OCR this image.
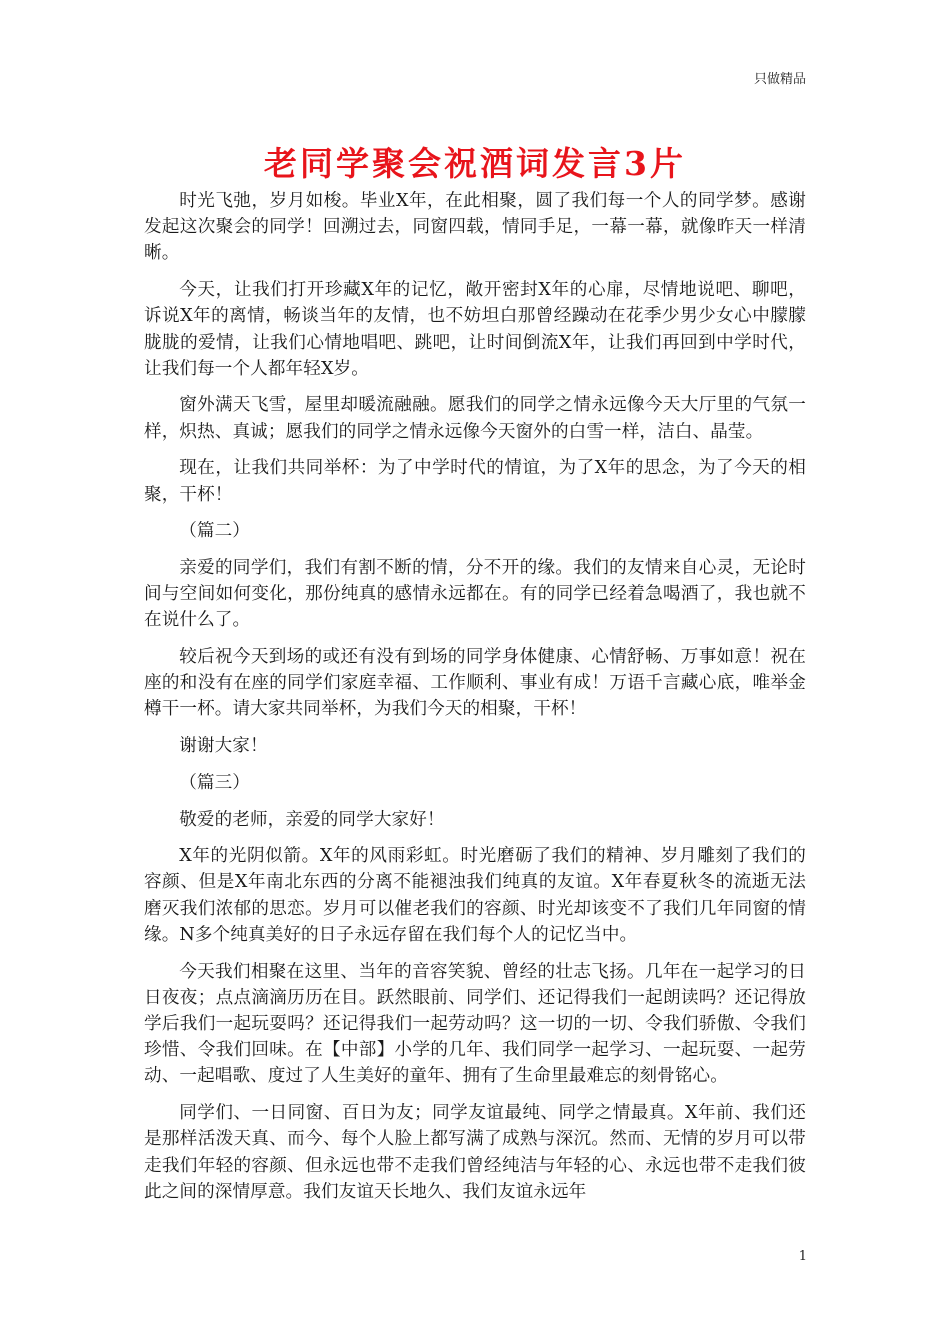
只做精品
老同学聚会祝酒词发言3片

时光飞弛，岁月如梭。毕业X年，在此相聚，圆了我们每一个人的同学梦。感谢发起这次聚会的同学！回溯过去，同窗四载，情同手足，一幕一幕，就像昨天一样清晰。

今天，让我们打开珍藏X年的记忆，敞开密封X年的心扉，尽情地说吧、聊吧，诉说X年的离情，畅谈当年的友情，也不妨坦白那曾经躁动在花季少男少女心中朦朦胧胧的爱情，让我们心情地唱吧、跳吧，让时间倒流X年，让我们再回到中学时代，让我们每一个人都年轻X岁。

窗外满天飞雪，屋里却暖流融融。愿我们的同学之情永远像今天大厅里的气氛一样，炽热、真诚；愿我们的同学之情永远像今天窗外的白雪一样，洁白、晶莹。

现在，让我们共同举杯：为了中学时代的情谊，为了X年的思念，为了今天的相聚，干杯！

（篇二）

亲爱的同学们，我们有割不断的情，分不开的缘。我们的友情来自心灵，无论时间与空间如何变化，那份纯真的感情永远都在。有的同学已经着急喝酒了，我也就不在说什么了。

较后祝今天到场的或还有没有到场的同学身体健康、心情舒畅、万事如意！祝在座的和没有在座的同学们家庭幸福、工作顺利、事业有成！万语千言藏心底，唯举金樽干一杯。请大家共同举杯，为我们今天的相聚，干杯！

谢谢大家！

（篇三）

敬爱的老师，亲爱的同学大家好！

X年的光阴似箭。X年的风雨彩虹。时光磨砺了我们的精神、岁月雕刻了我们的容颜、但是X年南北东西的分离不能褪浊我们纯真的友谊。X年春夏秋冬的流逝无法磨灭我们浓郁的思恋。岁月可以催老我们的容颜、时光却该变不了我们几年同窗的情缘。N多个纯真美好的日子永远存留在我们每个人的记忆当中。

今天我们相聚在这里、当年的音容笑貌、曾经的壮志飞扬。几年在一起学习的日日夜夜；点点滴滴历历在目。跃然眼前、同学们、还记得我们一起朗读吗？还记得放学后我们一起玩耍吗？还记得我们一起劳动吗？这一切的一切、令我们骄傲、令我们珍惜、令我们回味。在【中部】小学的几年、我们同学一起学习、一起玩耍、一起劳动、一起唱歌、度过了人生美好的童年、拥有了生命里最难忘的刻骨铭心。

同学们、一日同窗、百日为友；同学友谊最纯、同学之情最真。X年前、我们还是那样活泼天真、而今、每个人脸上都写满了成熟与深沉。然而、无情的岁月可以带走我们年轻的容颜、但永远也带不走我们曾经纯洁与年轻的心、永远也带不走我们彼此之间的深情厚意。我们友谊天长地久、我们友谊永远年

1
